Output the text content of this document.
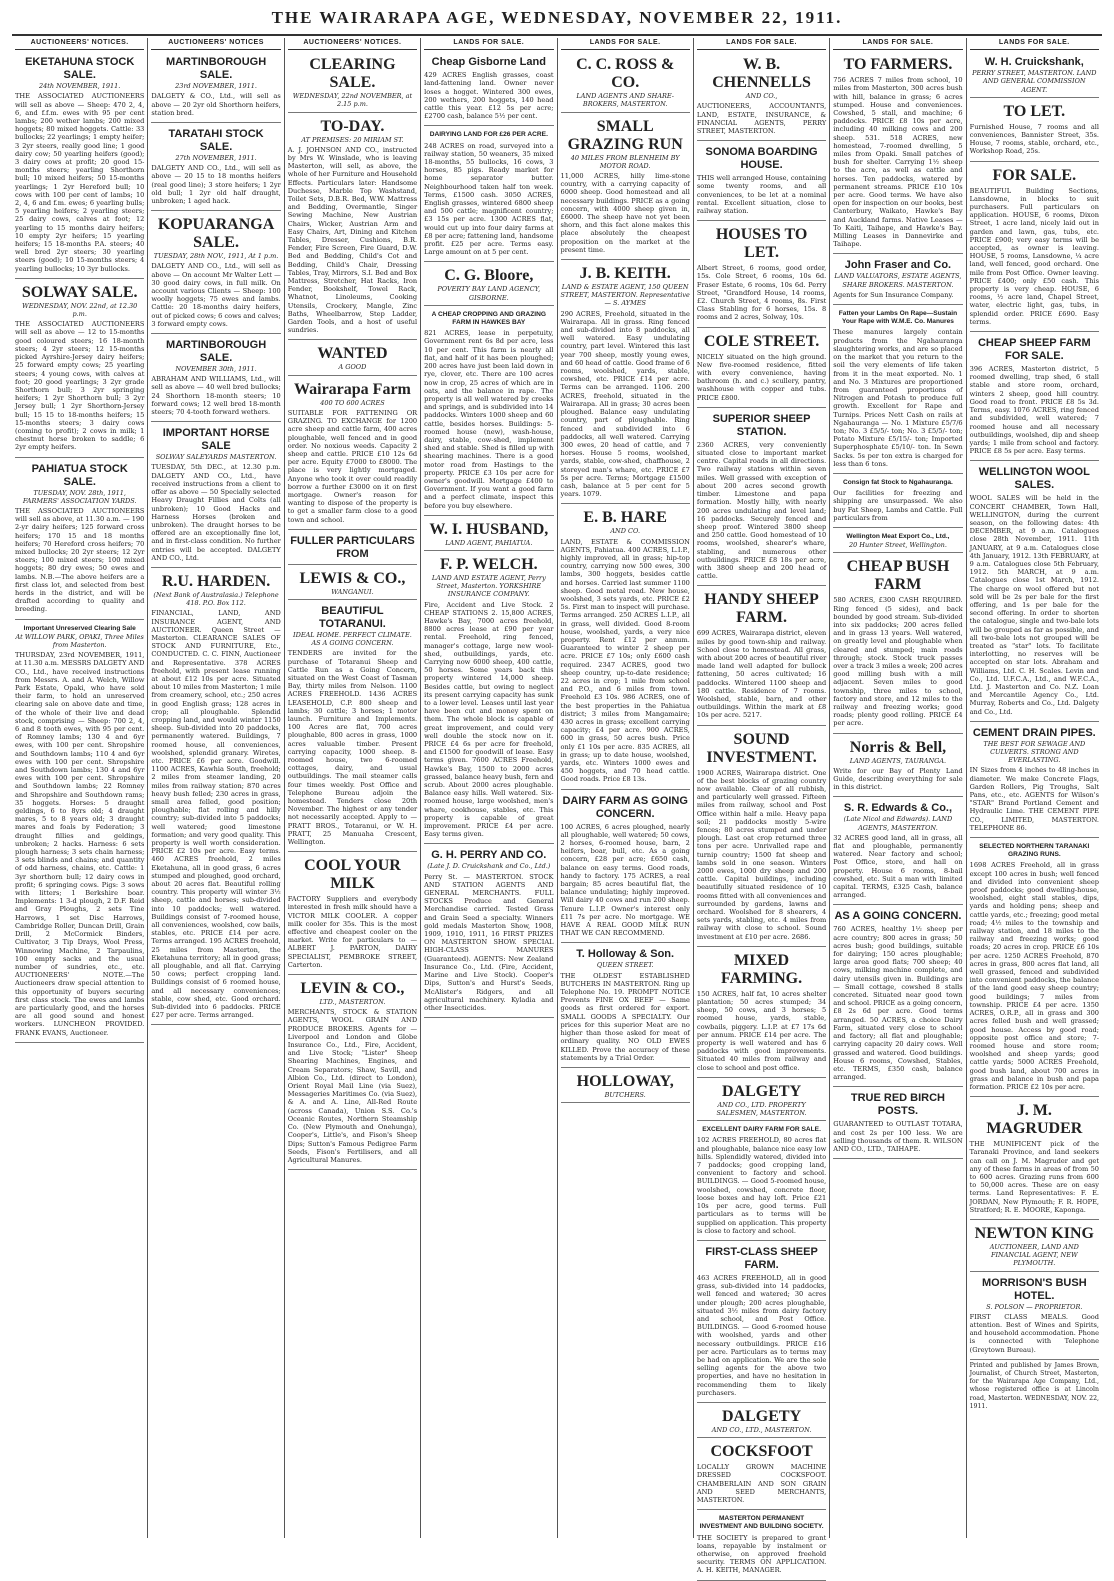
THE WAIRARAPA AGE, WEDNESDAY, NOVEMBER 22, 1911.
AUCTIONEERS' NOTICES.
EKETAHUNA STOCK SALE.
24th NOVEMBER, 1911.

THE ASSOCIATED AUCTIONEERS will sell as above — Sheep: 470 2, 4, 6, and f.f.m. ewes with 95 per cent lambs; 200 wether lambs; 200 mixed hoggets; 80 mixed hoggets. Cattle: 33 bullocks; 22 yearlings; 1 empty heifer; 3 2yr steers, really good line; 1 good dairy cow; 50 yearling heifers (good); 3 dairy cows at profit; 20 good 15-months steers; yearling Shorthorn bull; 10 mixed heifers; 50 15-months yearlings; 1 2yr Hereford bull; 10 cows with 100 per cent of lambs; 10 2, 4, 6 and f.m. ewes; 6 yearling bulls; 5 yearling heifers; 2 yearling steers; 25 dairy cows, calves at foot; 12 yearling to 15 months dairy heifers; 10 empty 2yr heifers; 15 yearling heifers; 15 18-months P.A. steers; 40 well bred 2yr steers; 30 yearling steers (good); 10 15-months steers; 4 yearling bullocks; 10 3yr bullocks.

SOLWAY SALE.
WEDNESDAY, NOV. 22nd, at 12.30 p.m.

THE ASSOCIATED AUCTIONEERS will sell as above — 12 to 15-months good coloured steers; 16 18-month steers; 4 2yr steers; 12 15-months picked Ayrshire-Jersey dairy heifers; 25 forward empty cows; 25 yearling steers; 4 young cows, with calves at foot; 20 good yearlings; 3 2yr grade Shorthorn bull; 3 2yr springing heifers; 1 2yr Shorthorn bull; 3 2yr Jersey bull; 1 2yr Shorthorn-Jersey bull; 15 15 to 18-months heifers; 15 15-months steers; 3 dairy cows (coming to profit); 2 cows in milk; 1 chestnut horse broken to saddle; 6 2yr empty heifers.

PAHIATUA STOCK SALE.
TUESDAY, NOV. 28th, 1911, FARMERS' ASSOCIATION YARDS.

THE ASSOCIATED AUCTIONEERS will sell as above, at 11.30 a.m. — 190 2-yr dairy heifers; 125 forward cross heifers; 170 15 and 18 months heifers; 70 Hereford cross heifers; 70 mixed bullocks; 20 2yr steers; 12 2yr steers; 100 mixed steers; 100 mixed hoggets; 80 dry ewes; 50 ewes and lambs. N.B.—The above heifers are a first class lot, and selected from best herds in the district, and will be drafted according to quality and breeding.

Important Unreserved Clearing Sale
At WILLOW PARK, OPAKI, Three Miles from Masterton.

THURSDAY, 23rd NOVEMBER, 1911, at 11.30 a.m. MESSRS DALGETY AND CO., Ltd., have received instructions from Messrs. A. and A. Welch, Willow Park Estate, Opaki, who have sold their farm, to hold an unreserved clearing sale on above date and time, of the whole of their live and dead stock, comprising — Sheep: 700 2, 4, 6 and 8 tooth ewes, with 95 per cent. of Romney lambs; 130 4 and 6yr ewes, with 100 per cent. Shropshire and Southdown lambs; 110 4 and 6yr ewes with 100 per cent. Shropshire and Southdown lambs; 130 4 and 6yr ewes with 100 per cent. Shropshire and Southdown lambs; 22 Romney and Shropshire and Southdown rams; 35 hoggets. Horses: 5 draught geldings, 6 to 8yrs old; 4 draught mares, 5 to 8 years old; 3 draught mares and foals by Federation; 3 draught fillies and geldings, unbroken; 2 hacks. Harness: 6 sets plough harness; 3 sets chain harness; 3 sets blinds and chains; and quantity of odd harness, chains, etc. Cattle: 1 3yr shorthorn bull; 12 dairy cows in profit; 6 springing cows. Pigs: 3 sows with litters; 1 Berkshire boar. Implements: 1 3-d plough, 2 D.F. Reid and Gray Ploughs, 2 sets Tine Harrows, 1 set Disc Harrows, Cambridge Roller, Duncan Drill, Grain Drill, 2 McCormick Binders, Cultivator, 3 Tip Drays, Wool Press, Winnowing Machine, 2 Tarpaulins, 100 empty sacks and the usual number of sundries, etc., etc. AUCTIONEERS' NOTE.—The Auctioneers draw special attention to this opportunity of buyers securing first class stock. The ewes and lambs are particularly good, and the horses are all good sound and honest workers. LUNCHEON PROVIDED. FRANK EVANS, Auctioneer.

AUCTIONEERS' NOTICES
MARTINBOROUGH SALE.
23rd NOVEMBER, 1911.

DALGETY & CO., Ltd., will sell as above — 20 2yr old Shorthorn heifers, station bred.

TARATAHI STOCK SALE.
27th NOVEMBER, 1911.

DALGETY AND CO., Ltd., will sell as above — 20 15 to 18 months heifers (real good line); 3 store heifers; 1 2yr old bull; 1 2yr old half draught, unbroken; 1 aged hack.

KOPUARANGA SALE.
TUESDAY, 28th NOV., 1911, At 1 p.m.

DALGETY AND CO., Ltd., will sell as above — On account Mr Walter Lett — 30 good dairy cows, in full milk. On account various Clients — Sheep: 100 woolly hoggets; 75 ewes and lambs. Cattle: 20 18-months dairy heifers, out of picked cows; 6 cows and calves; 3 forward empty cows.

MARTINBOROUGH SALE.
NOVEMBER 30th, 1911.

ABRAHAM AND WILLIAMS, Ltd., will sell as above — 40 well bred bullocks; 24 Shorthorn 18-month steers; 10 forward cows; 12 well bred 18-month steers; 70 4-tooth forward wethers.

IMPORTANT HORSE SALE
SOLWAY SALEYARDS MASTERTON.

TUESDAY, 5th DEC., at 12.30 p.m. DALGETY AND CO., Ltd., have received instructions from a client to offer as above — 50 Specially selected Heavy Draught Fillies and Colts (all unbroken); 10 Good Hacks and Harness Horses (broken and unbroken). The draught horses to be offered are an exceptionally fine lot, and in first-class condition. No further entries will be accepted. DALGETY AND CO., Ltd.

R.U. HARDEN.
(Next Bank of Australasia.) Telephone 418. P.O. Box 112.

FINANCIAL, LAND, AND INSURANCE AGENT, AND AUCTIONEER. Queen Street — Masterton. CLEARANCE SALES OF STOCK AND FURNITURE, Etc., CONDUCTED. C. C. FINN, Auctioneer and Representative. 378 ACRES freehold, with present lease running at about £12 10s per acre. Situated about 10 miles from Masterton; 1 mile from creamery, school, etc.; 250 acres in good English grass; 128 acres in crop; all ploughable. Splendid cropping land, and would winter 1150 sheep. Sub-divided into 20 paddocks, permanently watered. Buildings, 7 roomed house, all conveniences, woolshed, splendid granary. Wiretes, etc. PRICE £6 per acre. Goodwill. 1100 ACRES, Kawhia South, freehold; 2 miles from steamer landing, 20 miles from railway station; 870 acres heavy bush felled; 230 acres in grass, small area felled, good position; ploughable; flat rolling and hilly country; sub-divided into 5 paddocks; well watered; good limestone formation; and very good quality. This property is well worth consideration. PRICE £2 10s per acre. Easy terms. 460 ACRES freehold, 2 miles Eketahuna, all in good grass, 6 acres stumped and ploughed, good orchard, about 20 acres flat. Beautiful rolling country. This property will winter 3½ sheep, cattle and horses; sub-divided into 10 paddocks; well watered. Buildings consist of 7-roomed house, all conveniences, woolshed, cow bails, stables, etc. PRICE £14 per acre. Terms arranged. 195 ACRES freehold, 25 miles from Masterton, the Eketahuna territory; all in good grass; all ploughable, and all flat. Carrying 50 cows; perfect cropping land. Buildings consist of 6 roomed house, and all necessary conveniences; stable, cow shed, etc. Good orchard. Sub-divided into 6 paddocks. PRICE £27 per acre. Terms arranged.

AUCTIONEERS' NOTICES.
CLEARING SALE.
WEDNESDAY, 22nd NOVEMBER, at 2.15 p.m.
TO-DAY.
AT PREMISES: 20 MIRIAM ST.

A. J. JOHNSON AND CO., instructed by Mrs W. Winslade, who is leaving Masterton, will sell, as above, the whole of her Furniture and Household Effects. Particulars later: Handsome Duchesse, Marble Top Washstand, Toilet Sets, D.B.R. Bed, W.W. Mattress and Bedding, Overmantle, Singer Sewing Machine, New Austrian Chairs, Wicker, Austrian Arm and Easy Chairs, Art, Dining and Kitchen Tables, Dresser, Cushions, B.R. Fender, Fire Screen, Fire Guard, D.W. Bed and Bedding, Child's Cot and Bedding, Child's Chair, Dressing Tables, Tray, Mirrors, S.I. Bed and Box Mattress, Stretcher, Hat Racks, Iron Fender, Bookshelf, Towel Rack, Whatnot, Linoleums, Cooking Utensils, Crockery, Mangle, Zinc Baths, Wheelbarrow, Step Ladder, Garden Tools, and a host of useful sundries.

WANTED
A GOOD
Wairarapa Farm
400 TO 600 ACRES

SUITABLE FOR FATTENING OR GRAZING. TO EXCHANGE for 1200 acre sheep and cattle farm, 400 acres ploughable, well fenced and in good order. No noxious weeds. Capacity 2 sheep and cattle. PRICE £10 12s 6d per acre. Equity £7000 to £8000. The place is very lightly mortgaged. Anyone who took it over could readily borrow a further £3000 on it on first mortgage. Owner's reason for wanting to dispose of the property is to get a smaller farm close to a good town and school.

FULLER PARTICULARS FROM
LEWIS & CO.,
WANGANUI.
BEAUTIFUL TOTARANUI.
IDEAL HOME. PERFECT CLIMATE. AS A GOING CONCERN.

TENDERS are invited for the purchase of Totaranui Sheep and Cattle Run as a Going Concern, situated on the West Coast of Tasman Bay, thirty miles from Nelson. 1100 ACRES FREEHOLD. 1436 ACRES LEASEHOLD, C.P. 800 sheep and lambs; 30 cattle; 3 horses; 1 motor launch. Furniture and Implements. 100 Acres are flat, 700 acres ploughable, 800 acres in grass, 1000 acres valuable timber. Present carrying capacity, 1000 sheep. 8-roomed house, two 6-roomed cottages, dairy, and usual outbuildings. The mail steamer calls four times weekly. Post Office and Telephone Bureau adjoin the homestead. Tenders close 20th November. The highest or any tender not necessarily accepted. Apply to — PRATT BROS., Totaranui, or W. H. PRATT, 25 Manuaha Crescent, Wellington.

COOL YOUR MILK

FACTORY Suppliers and everybody interested in fresh milk should have a VICTOR MILK COOLER. A copper milk cooler for 35s. This is the most effective and cheapest cooler on the market. Write for particulars to — ALBERT J. PARTON, DAIRY SPECIALIST, PEMBROKE STREET, Carterton.

LEVIN & CO.,
LTD., MASTERTON.

MERCHANTS, STOCK & STATION AGENTS, WOOL GRAIN AND PRODUCE BROKERS. Agents for — Liverpool and London and Globe Insurance Co., Ltd., Fire, Accident, and Live Stock; "Lister" Sheep Shearing Machines, Engines, and Cream Separators; Shaw, Savill, and Albion Co., Ltd. (direct to London), Orient Royal Mail Line (via Suez), Messageries Maritimes Co. (via Suez), & A. and A. Line, All-Red Route (across Canada), Union S.S. Co.'s Oceanic Routes, Northern Steamship Co. (New Plymouth and Onehunga), Cooper's, Little's, and Fison's Sheep Dips; Sutton's Famous Pedigree Farm Seeds, Fison's Fertilisers, and all Agricultural Manures.

LANDS FOR SALE.
Cheap Gisborne Land

429 ACRES English grasses, coast land-fattening land. Owner never loses a hogget. Wintered 300 ewes, 200 wethers, 200 hoggets, 140 head cattle this year. £12 5s per acre; £2700 cash, balance 5½ per cent.

DAIRYING LAND FOR £26 PER ACRE.

248 ACRES on road, surveyed into a railway station, 50 weaners, 35 mixed 18-months, 55 bullocks, 16 cows, 3 horses, 85 pigs. Ready market for home separator butter. Neighbourhood taken half ton week. Terms, £1500 cash. 3050 ACRES, English grasses, wintered 6800 sheep and 500 cattle; magnificent country; £3 15s per acre. 1300 ACRES flat, would cut up into four dairy farms at £8 per acre; fattening land, handsome profit. £25 per acre. Terms easy. Large amount on at 5 per cent.

C. G. Bloore,
POVERTY BAY LAND AGENCY, GISBORNE.
A CHEAP CROPPING AND GRAZING FARM IN HAWKES BAY

821 ACRES, lease in perpetuity, Government rent 6s 8d per acre, less 10 per cent. This farm is nearly all flat, and half of it has been ploughed; 200 acres have just been laid down in rye, clover, etc. There are 100 acres now in crop, 25 acres of which are in oats, and the balance in rape. The property is all well watered by creeks and springs, and is subdivided into 14 paddocks. Winters 1000 sheep and 60 cattle, besides horses. Buildings: 5-roomed house (new), wash-house, dairy, stable, cow-shed, implement shed and stable. Shed is filled up with shearing machines. There is a good motor road from Hastings to the property. PRICE £3 10s per acre for owner's goodwill. Mortgage £400 to Government. If you want a good farm and a perfect climate, inspect this before you buy elsewhere.

W. I. HUSBAND,
LAND AGENT, PAHIATUA.
F. P. WELCH.
LAND AND ESTATE AGENT, Perry Street, Masterton. YORKSHIRE INSURANCE COMPANY.

Fire, Accident and Live Stock. 2 CHEAP STATIONS 2. 15,800 ACRES, Hawke's Bay, 7000 acres freehold, 8800 acres lease at £90 per year rental. Freehold, ring fenced, manager's cottage, large new wool-shed, outbuildings, yards, etc. Carrying now 6000 sheep, 400 cattle, 50 horses. Some years back this property wintered 14,000 sheep. Besides cattle, but owing to neglect its present carrying capacity has sunk to a lower level. Leases until last year have been cut and money spent on them. The whole block is capable of great improvement, and could very well double the stock now on it. PRICE £4 6s per acre for freehold, and £1500 for goodwill of lease. Easy terms given. 7600 ACRES Freehold, Hawke's Bay, 1500 to 2000 acres grassed, balance heavy bush, fern and scrub. About 2000 acres ploughable. Balance easy hills. Well watered. Six-roomed house, large woolshed, men's whare, cookhouse, stables, etc. This property is capable of great improvement. PRICE £4 per acre. Easy terms given.

G. H. PERRY AND CO.
(Late J. D. Cruickshank and Co., Ltd.)

Perry St. — MASTERTON. STOCK AND STATION AGENTS AND GENERAL MERCHANTS. FULL STOCKS Produce and General Merchandise carried. Tested Grass and Grain Seed a specialty. Winners gold medals Masterton Show, 1908, 1909, 1910, 1911, 16 FIRST PRIZES ON MASTERTON SHOW. SPECIAL HIGH-CLASS MANURES (Guaranteed). AGENTS: New Zealand Insurance Co., Ltd. (Fire, Accident, Marine and Live Stock). Cooper's Dips, Sutton's and Hurst's Seeds, McAlister's Ridgers, and all agricultural machinery. Kyladia and other Insecticides.

LANDS FOR SALE.
C. C. ROSS & CO.
LAND AGENTS AND SHARE-BROKERS, MASTERTON.
SMALL GRAZING RUN
40 MILES FROM BLENHEIM BY MOTOR ROAD.

11,000 ACRES, hilly lime-stone country, with a carrying capacity of 6000 sheep. Good homestead and all necessary buildings. PRICE as a going concern, with 4000 sheep given in, £6000. The sheep have not yet been shorn, and this fact alone makes this place absolutely the cheapest proposition on the market at the present time.

J. B. KEITH.
LAND & ESTATE AGENT, 150 QUEEN STREET, MASTERTON. Representative — S. AYMES

290 ACRES, Freehold, situated in the Wairarapa. All in grass. Ring fenced and sub-divided into 8 paddocks, all well watered. Easy undulating country, part level. Wintered this last year 700 sheep, mostly young ewes, and 60 head of cattle. Good frame of 6 rooms, woolshed, yards, stable, cowshed, etc. PRICE £14 per acre. Terms can be arranged. 1106. 200 ACRES, freehold, situated in the Wairarapa. All in grass; 30 acres been ploughed. Balance easy undulating country, part of ploughable. Ring fenced and subdivided into 6 paddocks, all well watered. Carrying 300 ewes, 20 head of cattle, and 7 horses. House 5 rooms, woolshed, yards, stable, cow-shed, chaffhouse, 2 storeyed man's whare, etc. PRICE £7 5s per acre. Terms; Mortgage £1500 cash, balance at 5 per cent for 5 years. 1079.

E. B. HARE
AND CO.

LAND, ESTATE & COMMISSION AGENTS, Pahiatua. 400 ACRES, L.I.P., highly improved, all in grass; hip-top country, carrying now 500 ewes, 300 lambs, 300 hoggets, besides cattle and horses. Carried last summer 1100 sheep. Good metal road. New house, woolshed, 3 sets yards, etc. PRICE £2 5s. First man to inspect will purchase. Terms arranged. 250 ACRES L.I.P., all in grass, well divided. Good 8-room house, woolshed, yards, a very nice property. Rent £12 per annum. Guaranteed to winter 2 sheep per acre. PRICE £7 10s; only £600 cash required. 2347 ACRES, good two sheep country, up-to-date residence; 22 acres in crop; 1 mile from school and P.O., and 6 miles from town. Freehold £3 10s. 986 ACRES, one of the best properties in the Pahiatua district; 3 miles from Mangamaire; 430 acres in grass; excellent carrying capacity; £4 per acre. 900 ACRES, 600 in grass, 50 acres bush. Price only £1 10s per acre. 835 ACRES, all in grass; up to date house, woolshed, yards, etc. Winters 1000 ewes and 450 hoggets, and 70 head cattle. Good roads. Price £8 13s.

DAIRY FARM AS GOING CONCERN.

100 ACRES, 6 acres ploughed, nearly all ploughable, well watered; 50 cows, 2 horses, 6-roomed house, barn, 2 heifers, boar, bull, etc. As a going concern, £28 per acre; £650 cash, balance on easy terms. Good roads, handy to factory. 175 ACRES, a real bargain; 85 acres beautiful flat, the balance undulating; highly improved. Will dairy 40 cows and run 200 sheep. Tenure L.I.P. Owner's interest only £11 7s per acre. No mortgage. WE HAVE A REAL GOOD MILK RUN THAT WE CAN RECOMMEND.

T. Holloway & Son.
QUEEN STREET.

THE OLDEST ESTABLISHED BUTCHERS IN MASTERTON. Ring up Telephone No. 19. PROMPT NOTICE Prevents FINE OX BEEF — Same goods as first ordered for export. SMALL GOODS A SPECIALTY. Our prices for this superior Meat are no higher than those asked for meat of ordinary quality. NO OLD EWES KILLED. Prove the accuracy of these statements by a Trial Order.

HOLLOWAY,
BUTCHERS.
LANDS FOR SALE.
W. B. CHENNELLS
AND CO.,

AUCTIONEERS, ACCOUNTANTS, LAND, ESTATE, INSURANCE, & FINANCIAL AGENTS, PERRY STREET, MASTERTON.

SONOMA BOARDING HOUSE.

THIS well arranged House, containing some twenty rooms, and all conveniences, to be let at a nominal rental. Excellent situation, close to railway station.

HOUSES TO LET.

Albert Street, 6 rooms, good order, 15s. Cole Street, 6 rooms, 10s 6d. Fraser Estate, 6 rooms, 10s 6d. Perry Street, "Grandford House, 14 rooms, £2. Church Street, 4 rooms, 8s. First Class Stabling for 6 horses, 15s. 8 rooms and 2 acres, Solway, 10s.

COLE STREET.

NICELY situated on the high ground. New five-roomed residence, fitted with every convenience, having bathroom (h. and c.) scullery, pantry, washhouse with copper and tubs. PRICE £800.

SUPERIOR SHEEP STATION.

2360 ACRES, very conveniently situated close to important market centre. Capital roads in all directions. Two railway stations within seven miles. Well grassed with exception of about 200 acres second growth timber. Limestone and papa formation. Mostly hilly, with nearly 200 acres undulating and level land; 16 paddocks. Securely fenced and sheep proof. Wintered 3800 sheep and 250 cattle. Good homestead of 10 rooms, woolshed, shearer's whare, stabling, and numerous other outbuildings. PRICE £8 18s per acre, with 3800 sheep and 200 head of cattle.

HANDY SHEEP FARM.

699 ACRES, Wairarapa district, eleven miles by good town-ship and railway. School close to homestead. All grass, with about 200 acres of beautiful river made land well adapted for bullock fattening, 50 acres cultivated; 16 paddocks. Wintered 1100 sheep and 180 cattle. Residence of 7 rooms. Woolshed, stable, barn, and other outbuildings. Within the mark at £8 10s per acre. 5217.

SOUND INVESTMENT.

1900 ACRES, Wairarapa district. One of the best blocks of grazing country now available. Clear of all rubbish, and particularly well grassed. Fifteen miles from railway, school and Post Office within half a mile. Heavy papa soil; 21 paddocks mostly 5-wire fences; 80 acres stumped and under plough. Last oat crop returned three tons per acre. Unrivalled rape and turnip country; 1500 fat sheep and lambs sold in one season. Winters 2000 ewes, 1000 dry sheep and 200 cattle. Capital buildings, including beautifully situated residence of 10 rooms fitted with all conveniences and surrounded by gardens, lawns and orchard. Woolshed for 8 shearers, 4 sets yards, stabling, etc. 4 miles from railway with close to school. Sound investment at £10 per acre. 2686.

MIXED FARMING.

150 ACRES, half fat, 10 acres shelter plantation; 50 acres stumped; 34 sheep, 50 cows, and 3 horses; 5 roomed house, yards, stable, cowbails, piggery. L.I.P. at £7 17s 6d per annum. PRICE £14 per acre. The property is well watered and has 6 paddocks with good improvements. Situated 40 miles from railway and close to school and post office.

DALGETY
AND CO., LTD. PROPERTY SALESMEN, MASTERTON.
EXCELLENT DAIRY FARM FOR SALE.

102 ACRES FREEHOLD, 80 acres flat and ploughable, balance nice easy low hills. Splendidly watered, divided into 7 paddocks; good cropping land, convenient to factory and school. BUILDINGS. — Good 5-roomed house, woolshed, cowshed, concrete floor, loose boxes and hay loft. Price £21 10s per acre, good terms. Full particulars as to terms will be supplied on application. This property is close to factory and school.

FIRST-CLASS SHEEP FARM.

463 ACRES FREEHOLD, all in good grass, sub-divided into 14 paddocks, well fenced and watered; 30 acres under plough; 200 acres ploughable, situated 3½ miles from dairy factory and school, and Post Office. BUILDINGS. — Good 6-roomed house with woolshed, yards and other necessary outbuildings. PRICE £16 per acre. Particulars as to terms may be had on application. We are the sole selling agents for the above two properties, and have no hesitation in recommending them to likely purchasers.

DALGETY
AND CO., LTD., MASTERTON.
COCKSFOOT

LOCALLY GROWN MACHINE DRESSED COCKSFOOT. CHAMBERLAIN AND SON GRAIN AND SEED MERCHANTS, MASTERTON.

MASTERTON PERMANENT INVESTMENT AND BUILDING SOCIETY.

THE SOCIETY is prepared to grant loans, repayable by instalment or otherwise, on approved freehold security. TERMS ON APPLICATION. A. H. KEITH, MANAGER.

LANDS FOR SALE.
TO FARMERS.

756 ACRES 7 miles from school, 10 miles from Masterton, 300 acres bush with hill, balance in grass; 6 acres stumped. House and conveniences. Cowshed, 5 stall, and machine; 6 paddocks. PRICE £8 10s per acre, including 40 milking cows and 200 sheep. 531. 518 ACRES, new homestead, 7-roomed dwelling, 5 miles from Opaki. Small patches of bush for shelter. Carrying 1½ sheep to the acre, as well as cattle and horses. Ten paddocks, watered by permanent streams. PRICE £10 10s per acre. Good terms. We have also open for inspection on our books, best Canterbury, Waikato, Hawke's Bay and Auckland farms. Native Leases — To Kaiti, Taihape, and Hawke's Bay. Milling Leases in Dannevirke and Taihape.

John Fraser and Co.
LAND VALUATORS, ESTATE AGENTS, SHARE BROKERS. MASTERTON.

Agents for Sun Insurance Company.

Fatten your Lambs On Rape—Sustain Your Rape with W.M.E. Co. Manures

These manures largely contain products from the Ngahauranga slaughtering works, and are so placed on the market that you return to the soil the very elements of life taken from it in the meat exported. No. 1 and No. 3 Mixtures are proportioned from guaranteed proportions of Nitrogen and Potash to produce full growth. Excellent for Rape and Turnips. Prices Nett Cash on rails at Ngahauranga — No. 1 Mixture £5/7/6 ton; No. 3 £5/5/- ton; No. 3 £5/5/- ton; Potato Mixture £5/15/- ton; Imported Superphosphate £5/10/- ton. In Sewn Sacks. 5s per ton extra is charged for less than 6 tons.

Consign fat Stock to Ngahauranga.

Our facilities for freezing and shipping are unsurpassed. We also buy Fat Sheep, Lambs and Cattle. Full particulars from

Wellington Meat Export Co., Ltd.,
20 Hunter Street, Wellington.
CHEAP BUSH FARM

580 ACRES, £300 CASH REQUIRED. Ring fenced (5 sides), and back bounded by good stream. Sub-divided into six paddocks; 200 acres felled and in grass 13 years. Well watered, on greatly level and ploughable when cleared and stumped; main roads through; stock. Stock truck passes over a track 3 miles a week; 200 acres good milling bush with a mill adjacent. Seven miles to good township, three miles to school, factory and store, and 12 miles to the railway and freezing works; good roads; plenty good rolling. PRICE £4 per acre.

Norris & Bell,
LAND AGENTS, TAURANGA.

Write for our Bay of Plenty Land Guide, describing everything for sale in this district.

S. R. Edwards & Co.,
(Late Nicol and Edwards). LAND AGENTS, MASTERTON.

32 ACRES good land, all in grass, all flat and ploughable, permanently watered. Near factory and school; Post Office, store, and hall on property. House 6 rooms, 8-bail cowshed, etc. Suit a man with limited capital. TERMS, £325 Cash, balance arranged.

AS A GOING CONCERN.

760 ACRES, healthy 1½ sheep per acre country; 800 acres in grass; 50 acres bush; good buildings, suitable for dairying; 150 acres ploughable; large area good flats; 700 sheep; 40 cows, milking machine complete, and dairy utensils given in. Buildings are — Small cottage, cowshed 8 stalls concreted. Situated near good town and school. PRICE as a going concern, £8 2s 6d per acre. Good terms arranged. 50 ACRES, a choice Dairy Farm, situated very close to school and factory; all flat and ploughable; carrying capacity 20 dairy cows. Well grassed and watered. Good buildings. House 6 rooms, Cowshed, Stables, etc. TERMS, £350 cash, balance arranged.

TRUE RED BIRCH POSTS.

GUARANTEED to OUTLAST TOTARA, and cost 2s per 100 less. We are selling thousands of them. R. WILSON AND CO., LTD., TAIHAPE.

LANDS FOR SALE.
W. H. Cruickshank,
PERRY STREET, MASTERTON. LAND AND GENERAL COMMISSION AGENT.
TO LET.

Furnished House, 7 rooms and all conveniences, Bannister Street, 35s. House, 7 rooms, stable, orchard, etc., Workshop Road, 25s.

FOR SALE.

BEAUTIFUL Building Sections, Lansdowne, in blocks to suit purchasers. Full particulars on application. HOUSE, 6 rooms, Dixon Street, 1 acre land, nicely laid out in garden and lawn, gas, tubs, etc. PRICE £900; very easy terms will be accepted, as owner is leaving. HOUSE, 5 rooms, Lansdowne, ¼ acre land, well fenced, good orchard. One mile from Post Office. Owner leaving. PRICE £400; only £50 cash. This property is very cheap. HOUSE, 6 rooms, ½ acre land, Chapel Street, water, electric light, gas, tubs, in splendid order. PRICE £690. Easy terms.

CHEAP SHEEP FARM FOR SALE.

396 ACRES, Masterton district, 5 roomed dwelling, trap shed, 6 stall stable and store room, orchard, winters 2 sheep, good hill country. Good road to front. PRICE £8 5s 3d. Terms, easy. 1076 ACRES, ring fenced and subdivided, well watered; 7 roomed house and all necessary outbuildings, woolshed, dip and sheep yards; 1 mile from school and factory. PRICE £8 5s per acre. Easy terms.

WELLINGTON WOOL SALES.

WOOL SALES will be held in the CONCERT CHAMBER, Town Hall, WELLINGTON, during the current season, on the following dates: 4th DECEMBER, at 9 a.m. Catalogues close 28th November, 1911. 11th JANUARY, at 9 a.m. Catalogues close 4th January, 1912. 13th FEBRUARY, at 9 a.m. Catalogues close 5th February, 1912. 5th MARCH, at 9 a.m. Catalogues close 1st March, 1912. The charge on wool offered but not sold will be 2s per bale for the first offering, and 1s per bale for the second offering. In order to shorten the catalogue, single and two-bale lots will be grouped as far as possible, and all two-bale lots not grouped will be treated as "star" lots. To facilitate interlotting, no reserves will be accepted on star lots. Abraham and Williams, Ltd. C. H. Scales. Levin and Co., Ltd. U.F.C.A., Ltd., and W.F.C.A., Ltd. J. Masterton and Co. N.Z. Loan and Mercantile Agency Co., Ltd. Murray, Roberts and Co., Ltd. Dalgety and Co., Ltd.

CEMENT DRAIN PIPES.
THE BEST FOR SEWAGE AND CULVERTS. STRONG AND EVERLASTING.

IN Sizes from 4 inches to 48 inches in diameter. We make Concrete Flags, Garden Rollers, Pig Troughs, Salt Pans, etc., etc. AGENTS for Wilson's "STAR" Brand Portland Cement and Hydraulic Lime. THE CEMENT PIPE CO., LIMITED, MASTERTON. TELEPHONE 86.

SELECTED NORTHERN TARANAKI GRAZING RUNS.

1698 ACRES Freehold, all in grass except 100 acres in bush; well fenced and divided into convenient sheep proof paddocks; good dwelling-house, woolshed, eight stall stables, dips, yards and holding pens; sheep and cattle yards, etc.; freezing; good metal road; 4½ miles to the township and railway station, and 18 miles to the railway and freezing works; good roads; 20 acres in crop. PRICE £6 10s per acre. 1250 ACRES Freehold, 870 acres in grass, 800 acres flat land, all well grassed, fenced and subdivided into convenient paddocks, the balance of the land good easy sheep country; good buildings; 7 miles from township. PRICE £4 per acre. 1350 ACRES, O.R.P., all in grass and 300 acres felled bush and well grassed; good house. Access by good road; opposite post office and store; 7-roomed house and store room; woolshed and sheep yards; good cattle yards; 5000 ACRES Freehold, good bush land, about 700 acres in grass and balance in bush and papa formation. PRICE £2 10s per acre.

J. M. MAGRUDER

THE MUNIFICENT pick of the Taranaki Province, and land seekers can call on J. M. Magruder and get any of these farms in areas of from 50 to 600 acres. Grazing runs from 600 to 50,000 acres. These are on easy terms. Land Representatives: F. E. JORDAN, New Plymouth; F. R. HOPE, Stratford; R. E. MOORE, Kaponga.

NEWTON KING
AUCTIONEER, LAND AND FINANCIAL AGENT, NEW PLYMOUTH.
MORRISON'S BUSH HOTEL.
S. POLSON — PROPRIETOR.

FIRST CLASS MEALS. Good attention. Best of Wines and Spirits, and household accommodation. Phone is connected with Telephone (Greytown Bureau).

Printed and published by James Brown, Journalist, of Church Street, Masterton, for the Wairarapa Age Company, Ltd., whose registered office is at Lincoln road, Masterton. WEDNESDAY, NOV. 22, 1911.
